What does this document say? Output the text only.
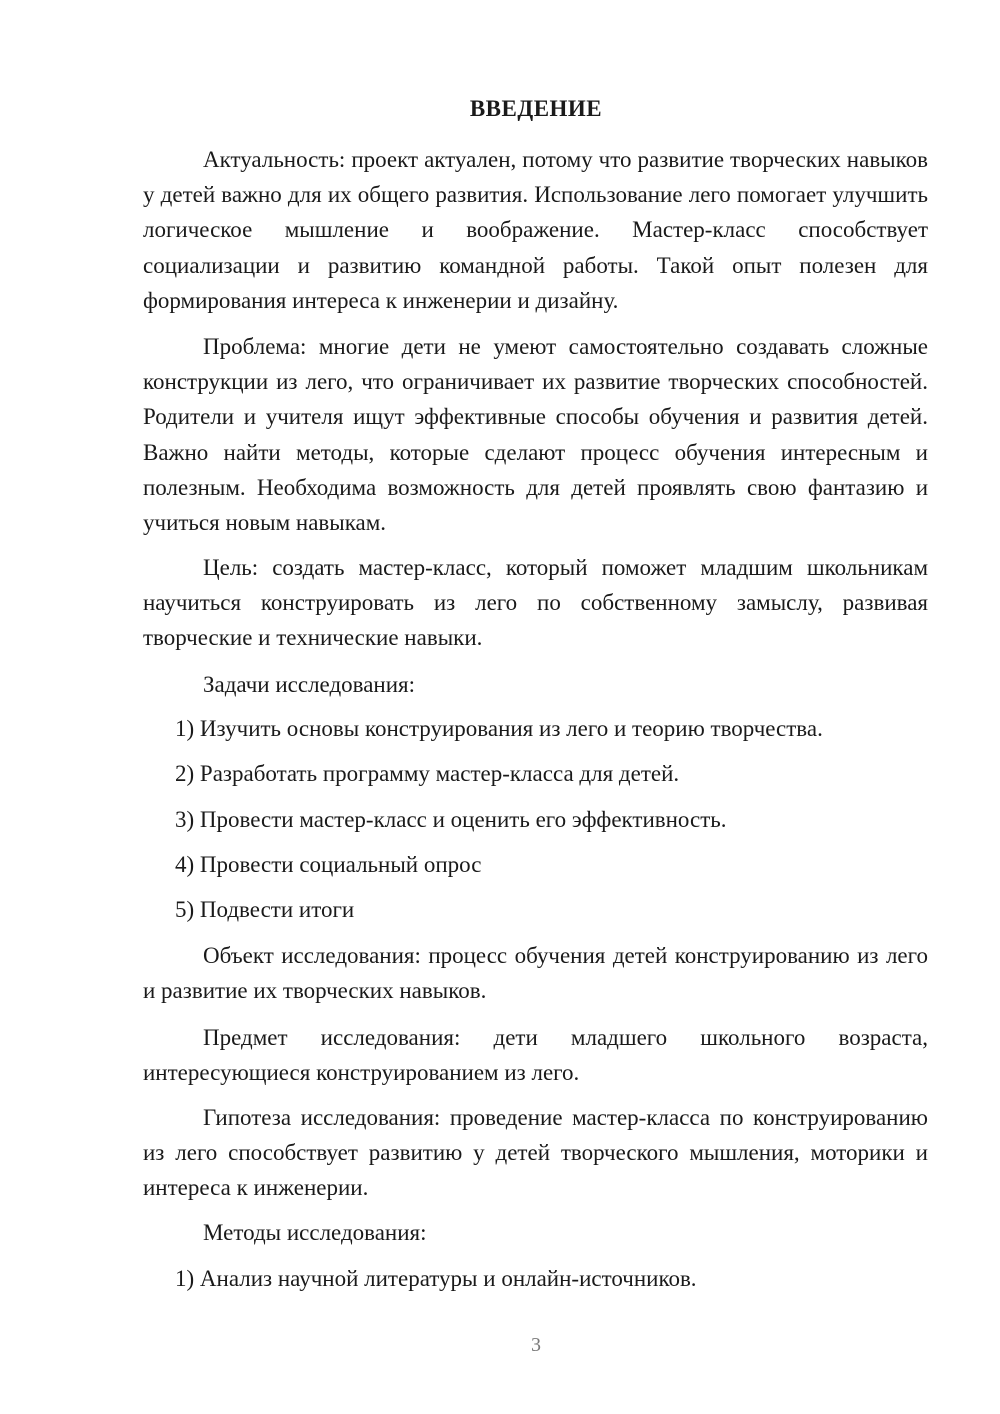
ВВЕДЕНИЕ

Актуальность: проект актуален, потому что развитие творческих навыков у детей важно для их общего развития. Использование лего помогает улучшить логическое мышление и воображение. Мастер-класс способствует социализации и развитию командной работы. Такой опыт полезен для формирования интереса к инженерии и дизайну.

Проблема: многие дети не умеют самостоятельно создавать сложные конструкции из лего, что ограничивает их развитие творческих способностей. Родители и учителя ищут эффективные способы обучения и развития детей. Важно найти методы, которые сделают процесс обучения интересным и полезным. Необходима возможность для детей проявлять свою фантазию и учиться новым навыкам.

Цель: создать мастер-класс, который поможет младшим школьникам научиться конструировать из лего по собственному замыслу, развивая творческие и технические навыки.

Задачи исследования:

1) Изучить основы конструирования из лего и теорию творчества.

2) Разработать программу мастер-класса для детей.

3) Провести мастер-класс и оценить его эффективность.

4) Провести социальный опрос

5) Подвести итоги

Объект исследования: процесс обучения детей конструированию из лего и развитие их творческих навыков.

Предмет исследования: дети младшего школьного возраста, интересующиеся конструированием из лего.

Гипотеза исследования: проведение мастер-класса по конструированию из лего способствует развитию у детей творческого мышления, моторики и интереса к инженерии.

Методы исследования:

1) Анализ научной литературы и онлайн-источников.

3
